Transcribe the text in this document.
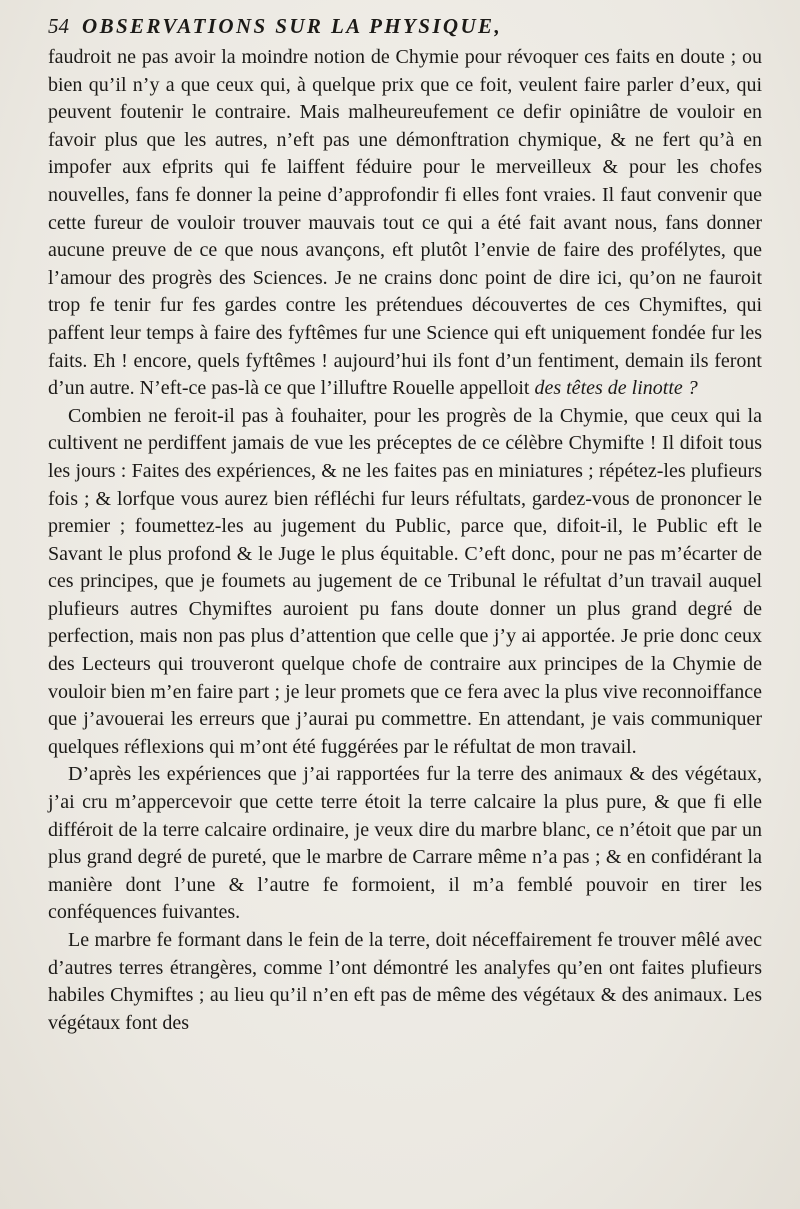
54 OBSERVATIONS SUR LA PHYSIQUE,

faudroit ne pas avoir la moindre notion de Chymie pour révoquer ces faits en doute ; ou bien qu’il n’y a que ceux qui, à quelque prix que ce foit, veulent faire parler d’eux, qui peuvent foutenir le contraire. Mais malheureufement ce defir opiniâtre de vouloir en favoir plus que les autres, n’eft pas une démonftration chymique, & ne fert qu’à en impofer aux efprits qui fe laiffent féduire pour le merveilleux & pour les chofes nouvelles, fans fe donner la peine d’approfondir fi elles font vraies. Il faut convenir que cette fureur de vouloir trouver mauvais tout ce qui a été fait avant nous, fans donner aucune preuve de ce que nous avançons, eft plutôt l’envie de faire des profélytes, que l’amour des progrès des Sciences. Je ne crains donc point de dire ici, qu’on ne fauroit trop fe tenir fur fes gardes contre les prétendues découvertes de ces Chymiftes, qui paffent leur temps à faire des fyftêmes fur une Science qui eft uniquement fondée fur les faits. Eh ! encore, quels fyftêmes ! aujourd’hui ils font d’un fentiment, demain ils feront d’un autre. N’eft-ce pas-là ce que l’illuftre Rouelle appelloit des têtes de linotte ?

Combien ne feroit-il pas à fouhaiter, pour les progrès de la Chymie, que ceux qui la cultivent ne perdiffent jamais de vue les préceptes de ce célèbre Chymifte ! Il difoit tous les jours : Faites des expériences, & ne les faites pas en miniatures ; répétez-les plufieurs fois ; & lorfque vous aurez bien réfléchi fur leurs réfultats, gardez-vous de prononcer le premier ; foumettez-les au jugement du Public, parce que, difoit-il, le Public eft le Savant le plus profond & le Juge le plus équitable. C’eft donc, pour ne pas m’écarter de ces principes, que je foumets au jugement de ce Tribunal le réfultat d’un travail auquel plufieurs autres Chymiftes auroient pu fans doute donner un plus grand degré de perfection, mais non pas plus d’attention que celle que j’y ai apportée. Je prie donc ceux des Lecteurs qui trouveront quelque chofe de contraire aux principes de la Chymie de vouloir bien m’en faire part ; je leur promets que ce fera avec la plus vive reconnoiffance que j’avouerai les erreurs que j’aurai pu commettre. En attendant, je vais communiquer quelques réflexions qui m’ont été fuggérées par le réfultat de mon travail.

D’après les expériences que j’ai rapportées fur la terre des animaux & des végétaux, j’ai cru m’appercevoir que cette terre étoit la terre calcaire la plus pure, & que fi elle différoit de la terre calcaire ordinaire, je veux dire du marbre blanc, ce n’étoit que par un plus grand degré de pureté, que le marbre de Carrare même n’a pas ; & en confidérant la manière dont l’une & l’autre fe formoient, il m’a femblé pouvoir en tirer les conféquences fuivantes.

Le marbre fe formant dans le fein de la terre, doit néceffairement fe trouver mêlé avec d’autres terres étrangères, comme l’ont démontré les analyfes qu’en ont faites plufieurs habiles Chymiftes ; au lieu qu’il n’en eft pas de même des végétaux & des animaux. Les végétaux font des
